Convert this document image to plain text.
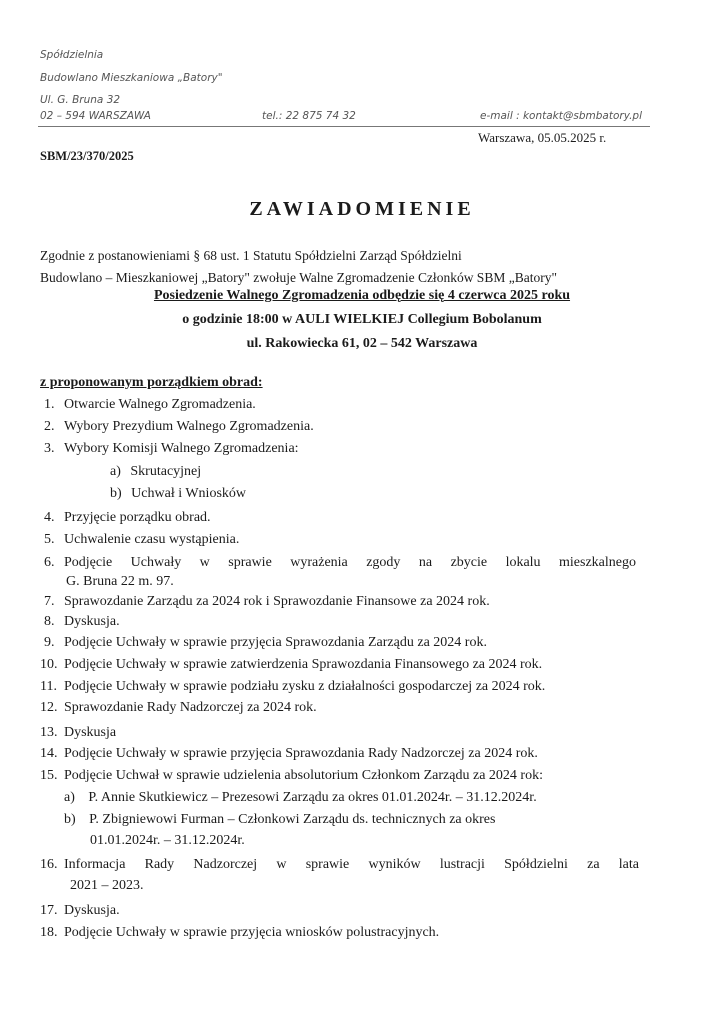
Spółdzielnia
Budowlano Mieszkaniowa „Batory"
Ul. G. Bruna 32
02 – 594 WARSZAWA	tel.: 22 875 74 32	e-mail : kontakt@sbmbatory.pl
Warszawa, 05.05.2025 r.
SBM/23/370/2025
ZAWIADOMIENIE
Zgodnie z postanowieniami § 68 ust. 1 Statutu Spółdzielni Zarząd Spółdzielni
Budowlano – Mieszkaniowej „Batory" zwołuje Walne Zgromadzenie Członków SBM „Batory"
Posiedzenie Walnego Zgromadzenia odbędzie się 4 czerwca 2025 roku
o godzinie 18:00 w AULI WIELKIEJ Collegium Bobolanum
ul. Rakowiecka 61, 02 – 542 Warszawa
z proponowanym porządkiem obrad:
1. Otwarcie Walnego Zgromadzenia.
2. Wybory Prezydium Walnego Zgromadzenia.
3. Wybory Komisji Walnego Zgromadzenia:
a) Skrutacyjnej
b) Uchwał i Wniosków
4. Przyjęcie porządku obrad.
5. Uchwalenie czasu wystąpienia.
6. Podjęcie Uchwały w sprawie wyrażenia zgody na zbycie lokalu mieszkalnego
G. Bruna 22 m. 97.
7. Sprawozdanie Zarządu za 2024 rok i Sprawozdanie Finansowe za 2024 rok.
8. Dyskusja.
9. Podjęcie Uchwały w sprawie przyjęcia Sprawozdania Zarządu za 2024 rok.
10. Podjęcie Uchwały w sprawie zatwierdzenia Sprawozdania Finansowego za 2024 rok.
11. Podjęcie Uchwały w sprawie podziału zysku z działalności gospodarczej za 2024 rok.
12. Sprawozdanie Rady Nadzorczej za 2024 rok.
13. Dyskusja
14. Podjęcie Uchwały w sprawie przyjęcia Sprawozdania Rady Nadzorczej za 2024 rok.
15. Podjęcie Uchwał w sprawie udzielenia absolutorium Członkom Zarządu za 2024 rok:
a) P. Annie Skutkiewicz – Prezesowi Zarządu za okres 01.01.2024r. – 31.12.2024r.
b) P. Zbigniewowi Furman – Członkowi Zarządu ds. technicznych za okres
01.01.2024r. – 31.12.2024r.
16. Informacja Rady Nadzorczej w sprawie wyników lustracji Spółdzielni za lata
2021 – 2023.
17. Dyskusja.
18. Podjęcie Uchwały w sprawie przyjęcia wniosków polustracyjnych.
